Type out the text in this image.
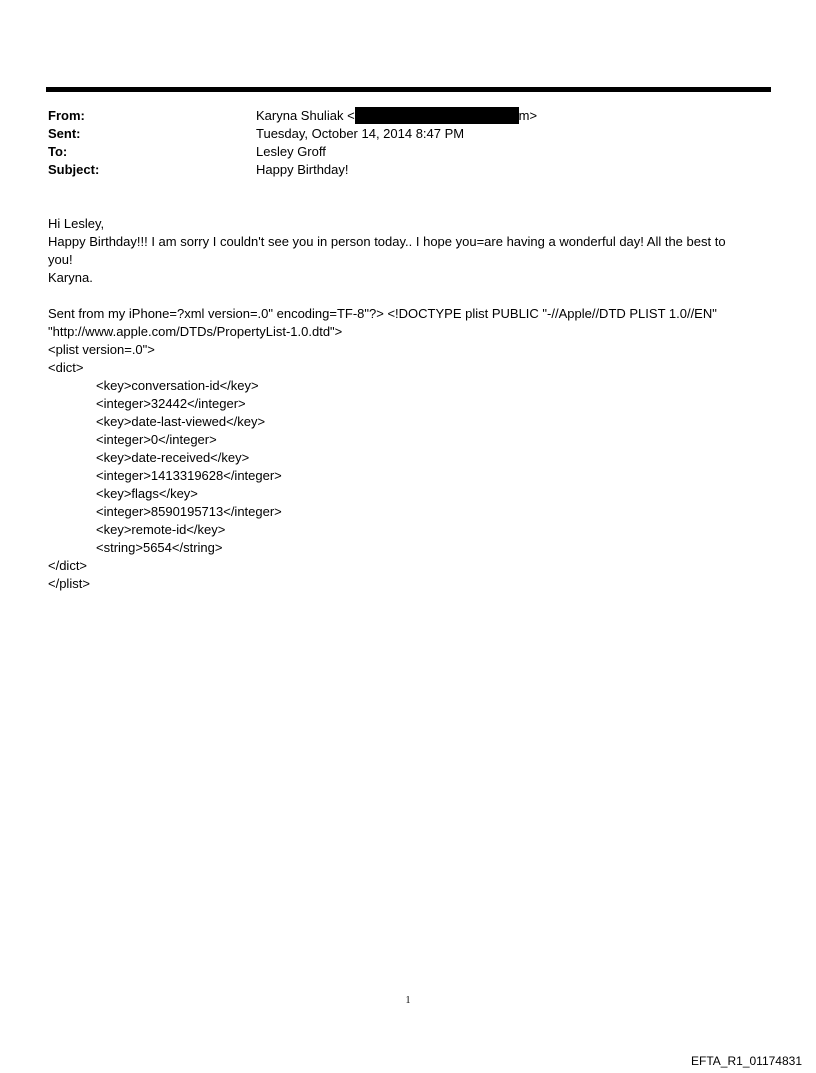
From:	Karyna Shuliak <	m>
Sent:	Tuesday, October 14, 2014 8:47 PM
To:	Lesley Groff
Subject:	Happy Birthday!
Hi Lesley,
Happy Birthday!!! I am sorry I couldn't see you in person today.. I hope you=are having a wonderful day! All the best to
you!
Karyna.
Sent from my iPhone=?xml version=.0" encoding=TF-8"?> <!DOCTYPE plist PUBLIC "-//Apple//DTD PLIST 1.0//EN"
"http://www.apple.com/DTDs/PropertyList-1.0.dtd">
<plist version=.0">
<dict>
<key>conversation-id</key>
<integer>32442</integer>
<key>date-last-viewed</key>
<integer>0</integer>
<key>date-received</key>
<integer>1413319628</integer>
<key>flags</key>
<integer>8590195713</integer>
<key>remote-id</key>
<string>5654</string>
</dict>
</plist>
1
EFTA_R1_01174831
